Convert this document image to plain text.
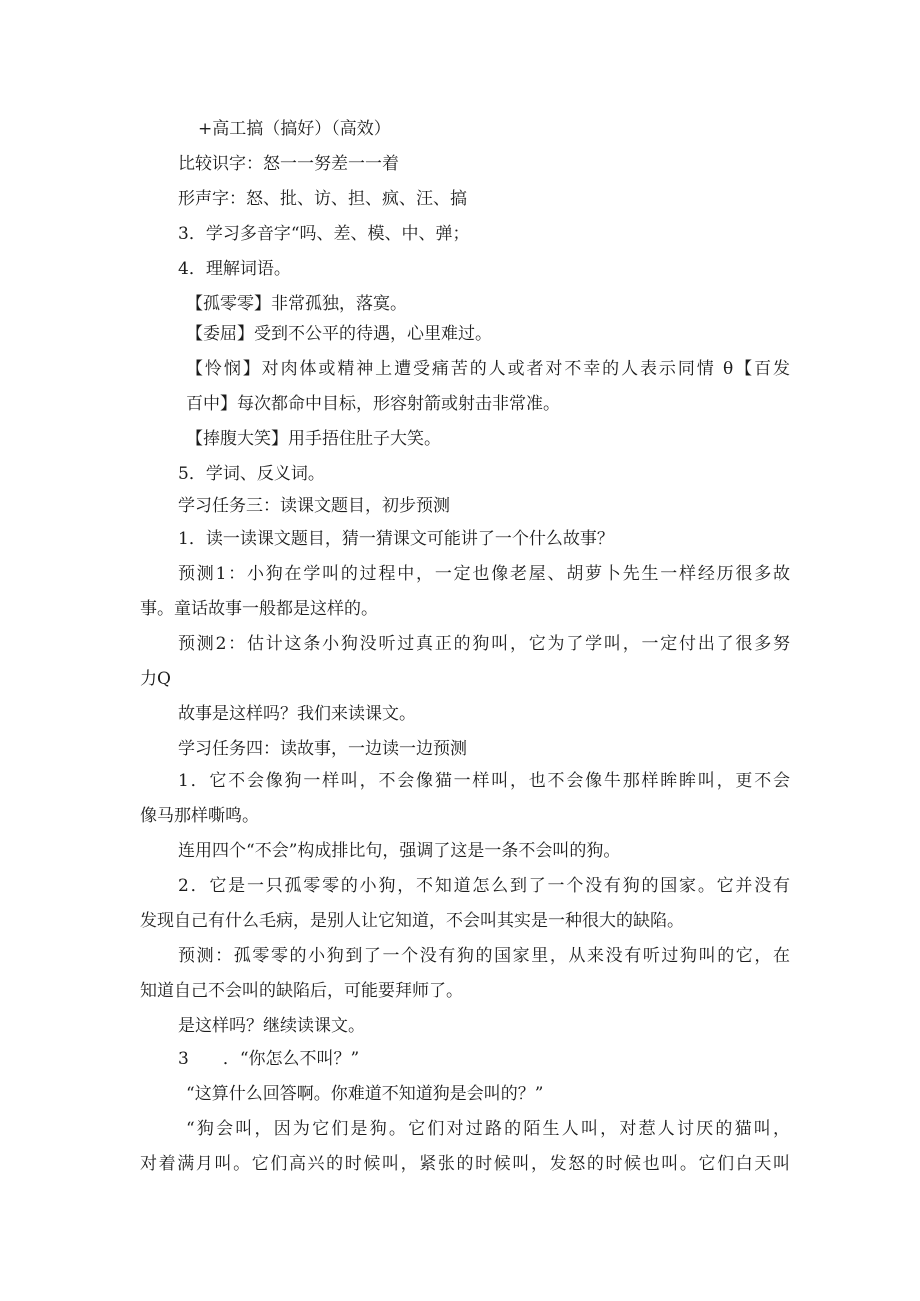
+高工搞（搞好）（高效）

比较识字：怒一一努差一一着

形声字：怒、批、访、担、疯、汪、搞

3．学习多音字“吗、差、模、中、弹；

4．理解词语。

【孤零零】非常孤独，落寞。

【委屈】受到不公平的待遇，心里难过。

【怜悯】对肉体或精神上遭受痛苦的人或者对不幸的人表示同情 θ【百发

百中】每次都命中目标，形容射箭或射击非常准。

【捧腹大笑】用手捂住肚子大笑。

5．学词、反义词。

学习任务三：读课文题目，初步预测

1．读一读课文题目，猜一猜课文可能讲了一个什么故事？

预测1：小狗在学叫的过程中，一定也像老屋、胡萝卜先生一样经历很多故

事。童话故事一般都是这样的。

预测2：估计这条小狗没听过真正的狗叫，它为了学叫，一定付出了很多努

力Q

故事是这样吗？我们来读课文。

学习任务四：读故事，一边读一边预测

1．它不会像狗一样叫，不会像猫一样叫，也不会像牛那样眸眸叫，更不会

像马那样嘶鸣。

连用四个“不会”构成排比句，强调了这是一条不会叫的狗。

2．它是一只孤零零的小狗，不知道怎么到了一个没有狗的国家。它并没有

发现自己有什么毛病，是别人让它知道，不会叫其实是一种很大的缺陷。

预测：孤零零的小狗到了一个没有狗的国家里，从来没有听过狗叫的它，在

知道自己不会叫的缺陷后，可能要拜师了。

是这样吗？继续读课文。

3　　．“你怎么不叫？”

“这算什么回答啊。你难道不知道狗是会叫的？”

“狗会叫，因为它们是狗。它们对过路的陌生人叫，对惹人讨厌的猫叫，

对着满月叫。它们高兴的时候叫，紧张的时候叫，发怒的时候也叫。它们白天叫
